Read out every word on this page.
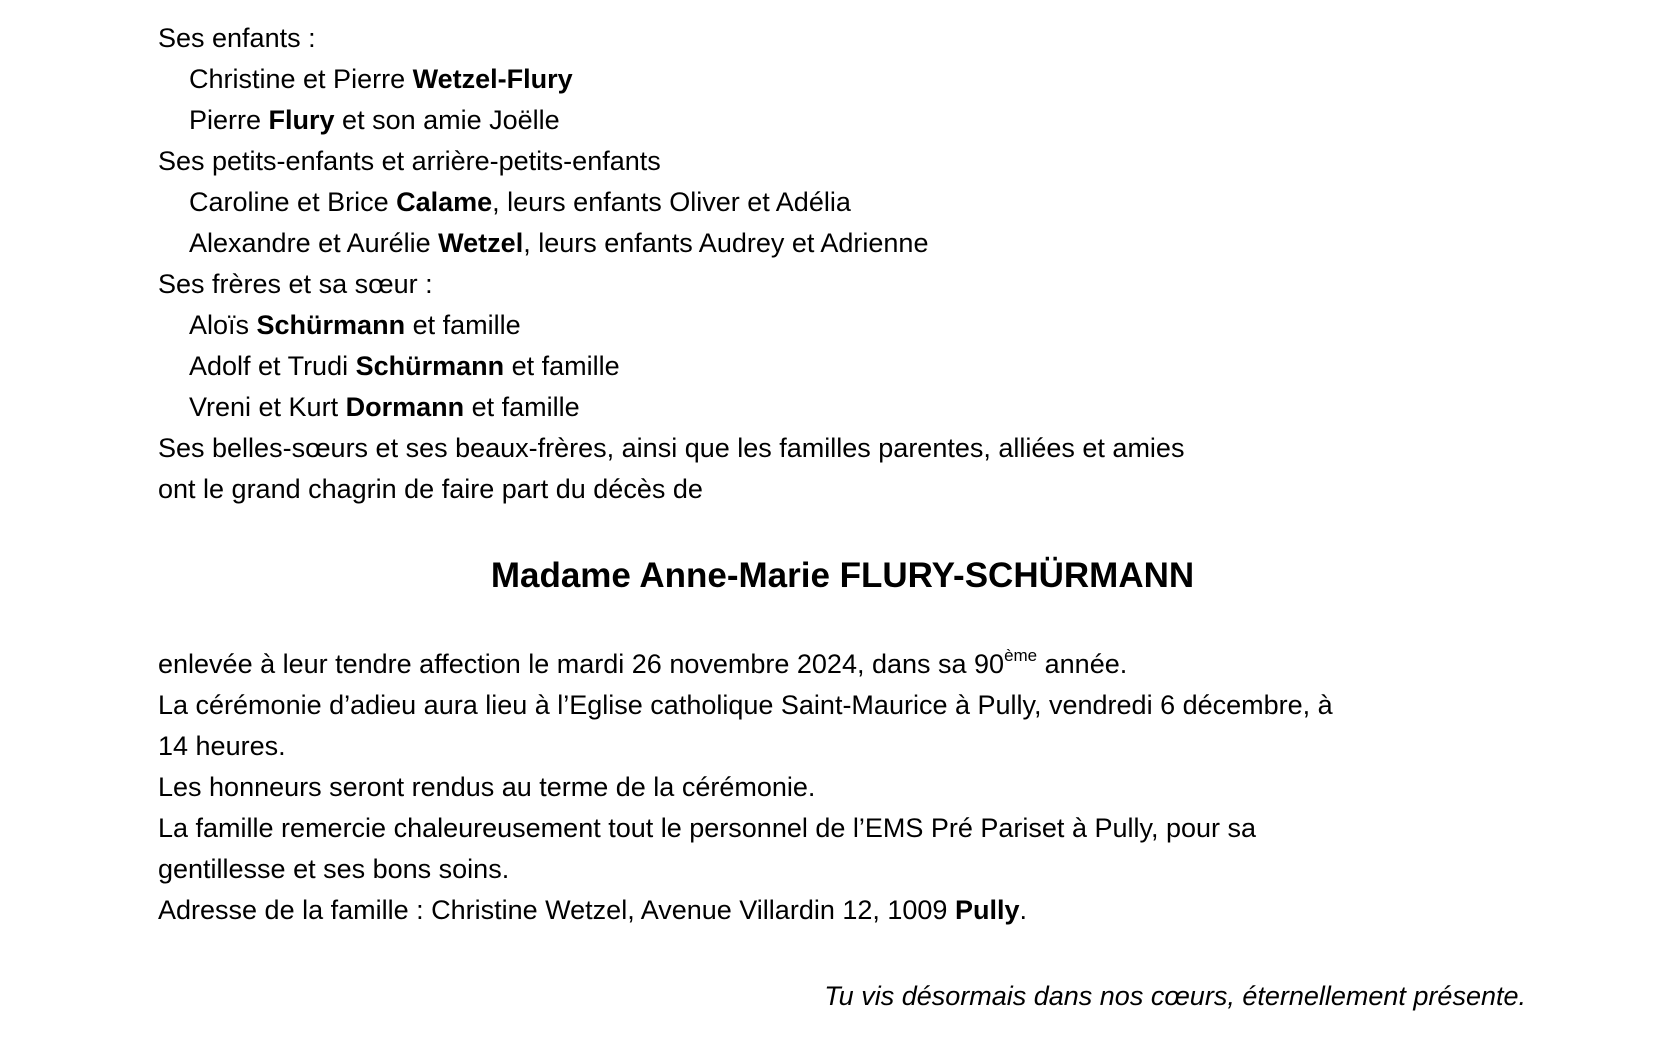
Ses enfants :
Christine et Pierre Wetzel-Flury
Pierre Flury et son amie Joëlle
Ses petits-enfants et arrière-petits-enfants
Caroline et Brice Calame, leurs enfants Oliver et Adélia
Alexandre et Aurélie Wetzel, leurs enfants Audrey et Adrienne
Ses frères et sa sœur :
Aloïs Schürmann et famille
Adolf et Trudi Schürmann et famille
Vreni et Kurt Dormann et famille
Ses belles-sœurs et ses beaux-frères, ainsi que les familles parentes, alliées et amies
ont le grand chagrin de faire part du décès de
Madame Anne-Marie FLURY-SCHÜRMANN
enlevée à leur tendre affection le mardi 26 novembre 2024, dans sa 90ème année.
La cérémonie d’adieu aura lieu à l’Eglise catholique Saint-Maurice à Pully, vendredi 6 décembre, à
14 heures.
Les honneurs seront rendus au terme de la cérémonie.
La famille remercie chaleureusement tout le personnel de l’EMS Pré Pariset à Pully, pour sa
gentillesse et ses bons soins.
Adresse de la famille : Christine Wetzel, Avenue Villardin 12, 1009 Pully.
Tu vis désormais dans nos cœurs, éternellement présente.
